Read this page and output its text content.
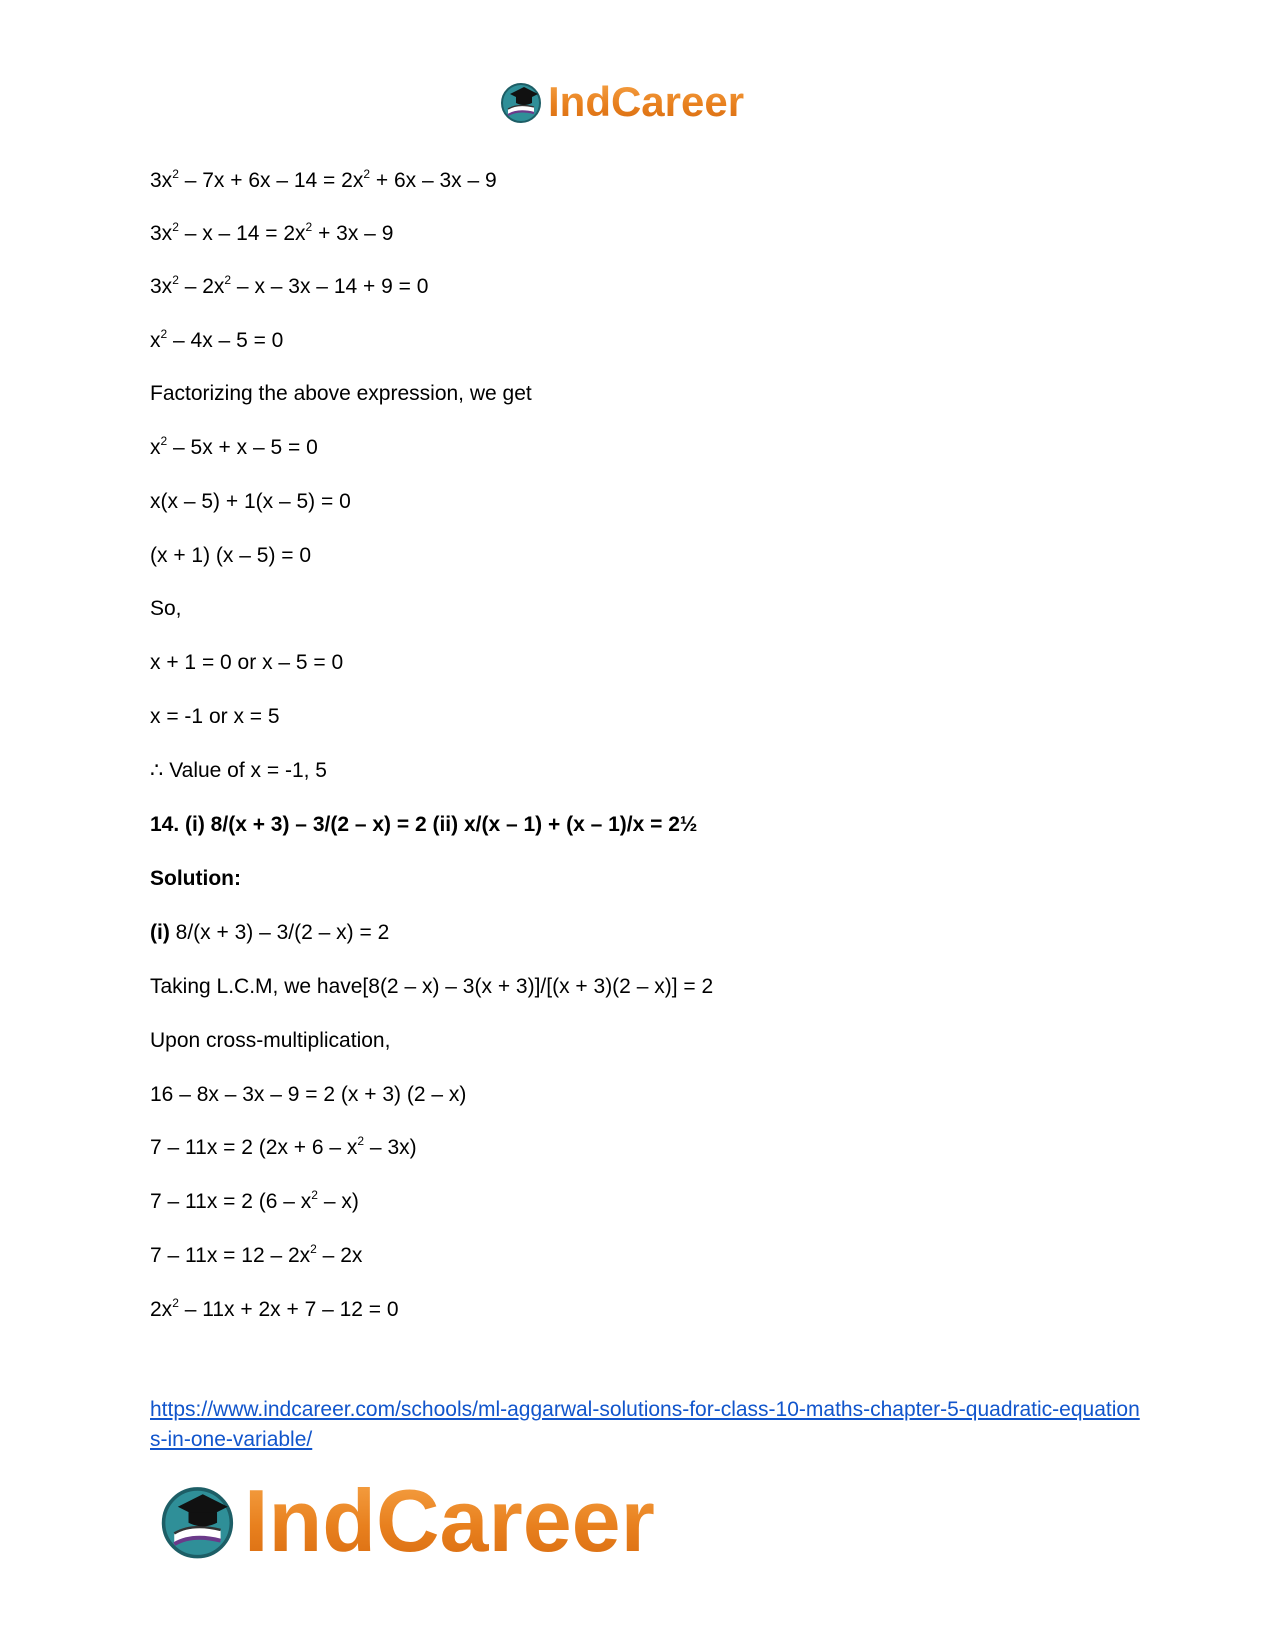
IndCareer
$3x^2 - 7x + 6x - 14 = 2x^2 + 6x - 3x - 9$
$3x^2 - x - 14 = 2x^2 + 3x - 9$
$3x^2 - 2x^2 - x - 3x - 14 + 9 = 0$
$x^2 - 4x - 5 = 0$
Factorizing the above expression, we get
$x^2 - 5x + x - 5 = 0$
x(x – 5) + 1(x – 5) = 0
(x + 1) (x – 5) = 0
So,
x + 1 = 0 or x – 5 = 0
x = -1 or x = 5
∴ Value of x = -1, 5
14. (i) 8/(x + 3) – 3/(2 – x) = 2 (ii) x/(x – 1) + (x – 1)/x = 2½
Solution:
(i) 8/(x + 3) – 3/(2 – x) = 2
Taking L.C.M, we have[8(2 – x) – 3(x + 3)]/[(x + 3)(2 – x)] = 2
Upon cross-multiplication,
16 – 8x – 3x – 9 = 2 (x + 3) (2 – x)
7 – 11x = 2 $(2x + 6 - x^2 - 3x)$
7 – 11x = 2 $(6 - x^2 - x)$
$7 - 11x = 12 - 2x^2 - 2x$
$2x^2 - 11x + 2x + 7 - 12 = 0$
https://www.indcareer.com/schools/ml-aggarwal-solutions-for-class-10-maths-chapter-5-quadratic-equations-in-one-variable/
IndCareer
